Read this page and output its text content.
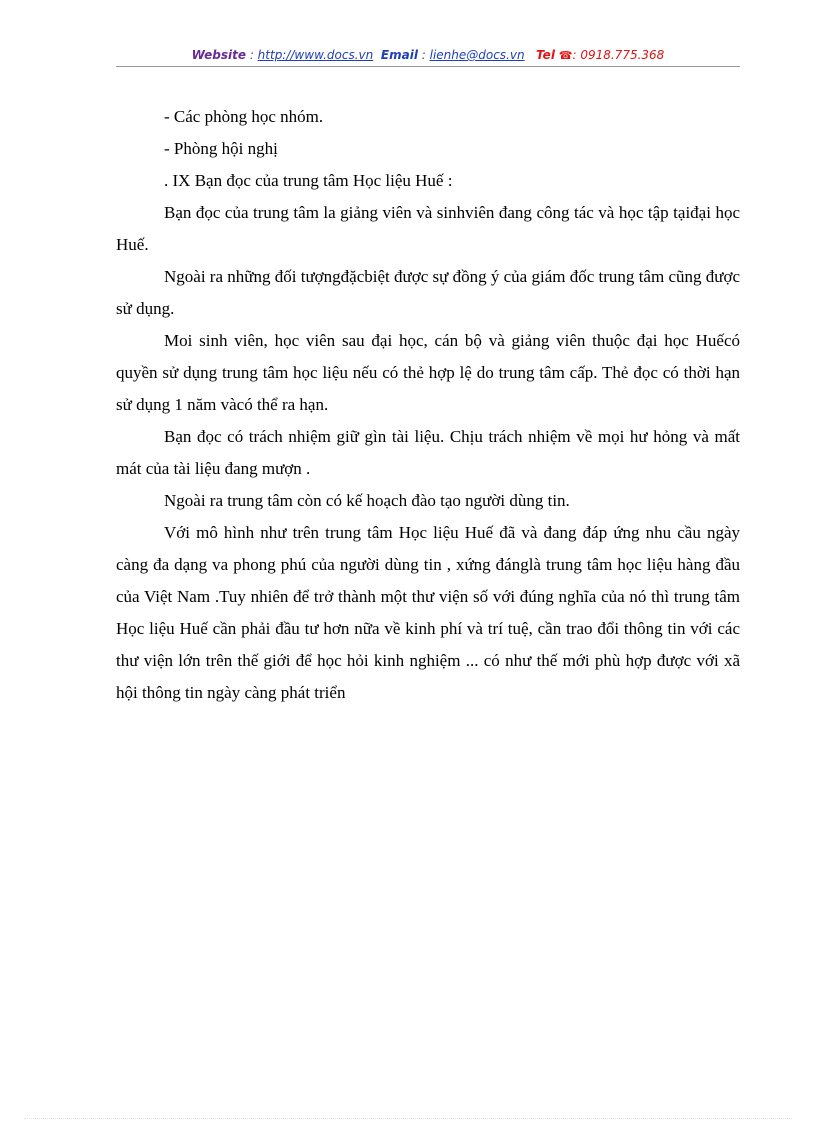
Website : http://www.docs.vn Email : lienhe@docs.vn Tel ☎: 0918.775.368

- Các phòng học nhóm.

- Phòng hội nghị

. IX Bạn đọc của trung tâm Học liệu Huế :

Bạn đọc của trung tâm la giảng viên và sinhviên đang công tác và học tập tạiđại học Huế.

Ngoài ra những đối tượngđặcbiệt được sự đồng ý của giám đốc trung tâm cũng được sử dụng.

Moi sinh viên, học viên sau đại học, cán bộ và giảng viên thuộc đại học Huếcó quyền sử dụng trung tâm học liệu nếu có thẻ hợp lệ do trung tâm cấp. Thẻ đọc có thời hạn sử dụng 1 năm vàcó thể ra hạn.

Bạn đọc có trách nhiệm giữ gìn tài liệu. Chịu trách nhiệm về mọi hư hỏng và mất mát của tài liệu đang mượn .

Ngoài ra trung tâm còn có kế hoạch đào tạo người dùng tin.

Với mô hình như trên trung tâm Học liệu Huế đã và đang đáp ứng nhu cầu ngày càng đa dạng va phong phú của người dùng tin , xứng đánglà trung tâm học liệu hàng đầu của Việt Nam .Tuy nhiên để trở thành một thư viện số với đúng nghĩa của nó thì trung tâm Học liệu Huế cần phải đầu tư hơn nữa về kinh phí và trí tuệ, cần trao đổi thông tin với các thư viện lớn trên thế giới để học hỏi kinh nghiệm ... có như thế mới phù hợp được với xã hội thông tin ngày càng phát triển
